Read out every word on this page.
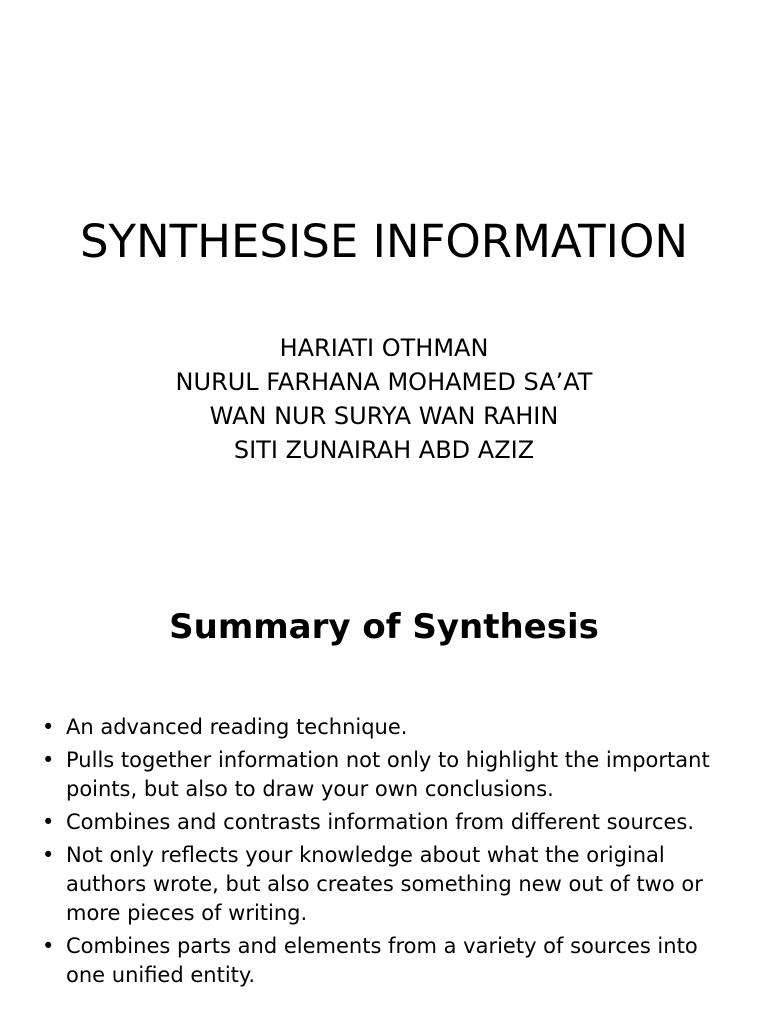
SYNTHESISE INFORMATION
HARIATI OTHMAN
NURUL FARHANA MOHAMED SA’AT
WAN NUR SURYA WAN RAHIN
SITI ZUNAIRAH ABD AZIZ
Summary of Synthesis
• An advanced reading technique.
• Pulls together information not only to highlight the important points, but also to draw your own conclusions.
• Combines and contrasts information from different sources.
• Not only reflects your knowledge about what the original authors wrote, but also creates something new out of two or more pieces of writing.
• Combines parts and elements from a variety of sources into one unified entity.
